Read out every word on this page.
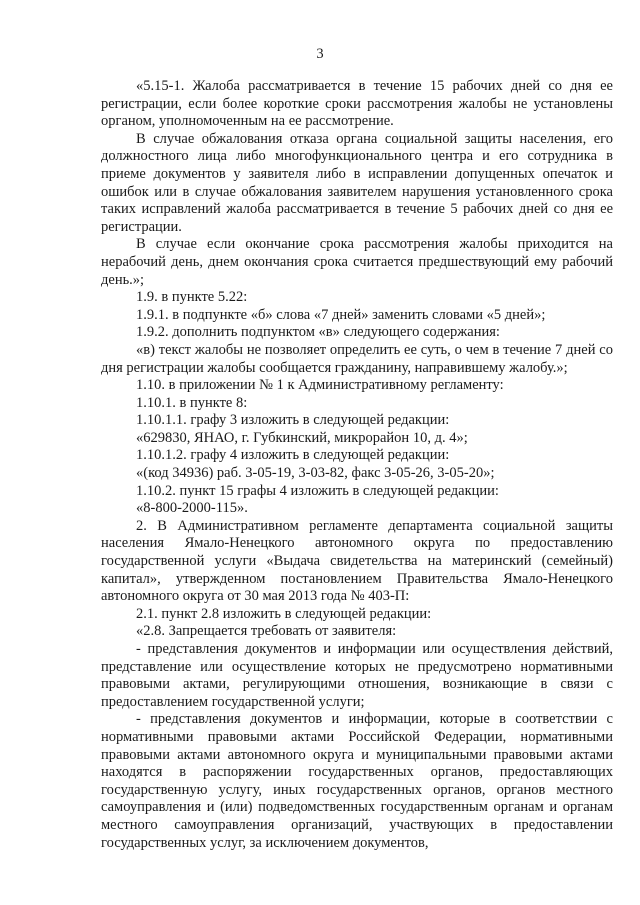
3

«5.15-1. Жалоба рассматривается в течение 15 рабочих дней со дня ее регистрации, если более короткие сроки рассмотрения жалобы не установлены органом, уполномоченным на ее рассмотрение.

В случае обжалования отказа органа социальной защиты населения, его должностного лица либо многофункционального центра и его сотрудника в приеме документов у заявителя либо в исправлении допущенных опечаток и ошибок или в случае обжалования заявителем нарушения установленного срока таких исправлений жалоба рассматривается в течение 5 рабочих дней со дня ее регистрации.

В случае если окончание срока рассмотрения жалобы приходится на нерабочий день, днем окончания срока считается предшествующий ему рабочий день.»;

1.9. в пункте 5.22:

1.9.1. в подпункте «б» слова «7 дней» заменить словами «5 дней»;

1.9.2. дополнить подпунктом «в» следующего содержания:

«в) текст жалобы не позволяет определить ее суть, о чем в течение 7 дней со дня регистрации жалобы сообщается гражданину, направившему жалобу.»;

1.10. в приложении № 1 к Административному регламенту:

1.10.1. в пункте 8:

1.10.1.1. графу 3 изложить в следующей редакции:

«629830, ЯНАО, г. Губкинский, микрорайон 10, д. 4»;

1.10.1.2. графу 4 изложить в следующей редакции:

«(код 34936) раб. 3-05-19, 3-03-82, факс 3-05-26, 3-05-20»;

1.10.2. пункт 15 графы 4 изложить в следующей редакции:

«8-800-2000-115».

2. В Административном регламенте департамента социальной защиты населения Ямало-Ненецкого автономного округа по предоставлению государственной услуги «Выдача свидетельства на материнский (семейный) капитал», утвержденном постановлением Правительства Ямало-Ненецкого автономного округа от 30 мая 2013 года № 403-П:

2.1. пункт 2.8 изложить в следующей редакции:

«2.8. Запрещается требовать от заявителя:

- представления документов и информации или осуществления действий, представление или осуществление которых не предусмотрено нормативными правовыми актами, регулирующими отношения, возникающие в связи с предоставлением государственной услуги;

- представления документов и информации, которые в соответствии с нормативными правовыми актами Российской Федерации, нормативными правовыми актами автономного округа и муниципальными правовыми актами находятся в распоряжении государственных органов, предоставляющих государственную услугу, иных государственных органов, органов местного самоуправления и (или) подведомственных государственным органам и органам местного самоуправления организаций, участвующих в предоставлении государственных услуг, за исключением документов,
